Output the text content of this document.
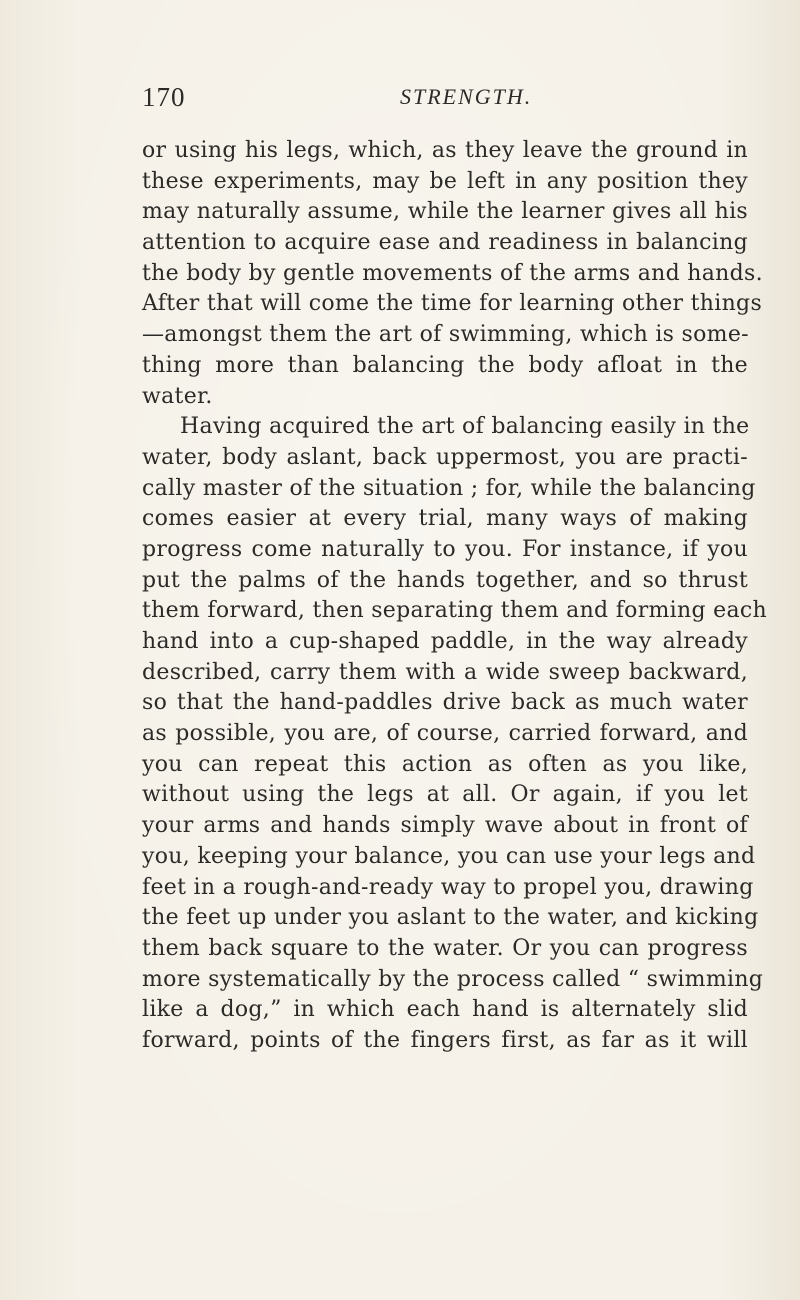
170	STRENGTH.
or using his legs, which, as they leave the ground in
these experiments, may be left in any position they
may naturally assume, while the learner gives all his
attention to acquire ease and readiness in balancing
the body by gentle movements of the arms and hands.
After that will come the time for learning other things
—amongst them the art of swimming, which is some-
thing more than balancing the body afloat in the
water.
Having acquired the art of balancing easily in the
water, body aslant, back uppermost, you are practi-
cally master of the situation ; for, while the balancing
comes easier at every trial, many ways of making
progress come naturally to you. For instance, if you
put the palms of the hands together, and so thrust
them forward, then separating them and forming each
hand into a cup-shaped paddle, in the way already
described, carry them with a wide sweep backward,
so that the hand-paddles drive back as much water
as possible, you are, of course, carried forward, and
you can repeat this action as often as you like,
without using the legs at all. Or again, if you let
your arms and hands simply wave about in front of
you, keeping your balance, you can use your legs and
feet in a rough-and-ready way to propel you, drawing
the feet up under you aslant to the water, and kicking
them back square to the water. Or you can progress
more systematically by the process called “ swimming
like a dog,” in which each hand is alternately slid
forward, points of the fingers first, as far as it will
